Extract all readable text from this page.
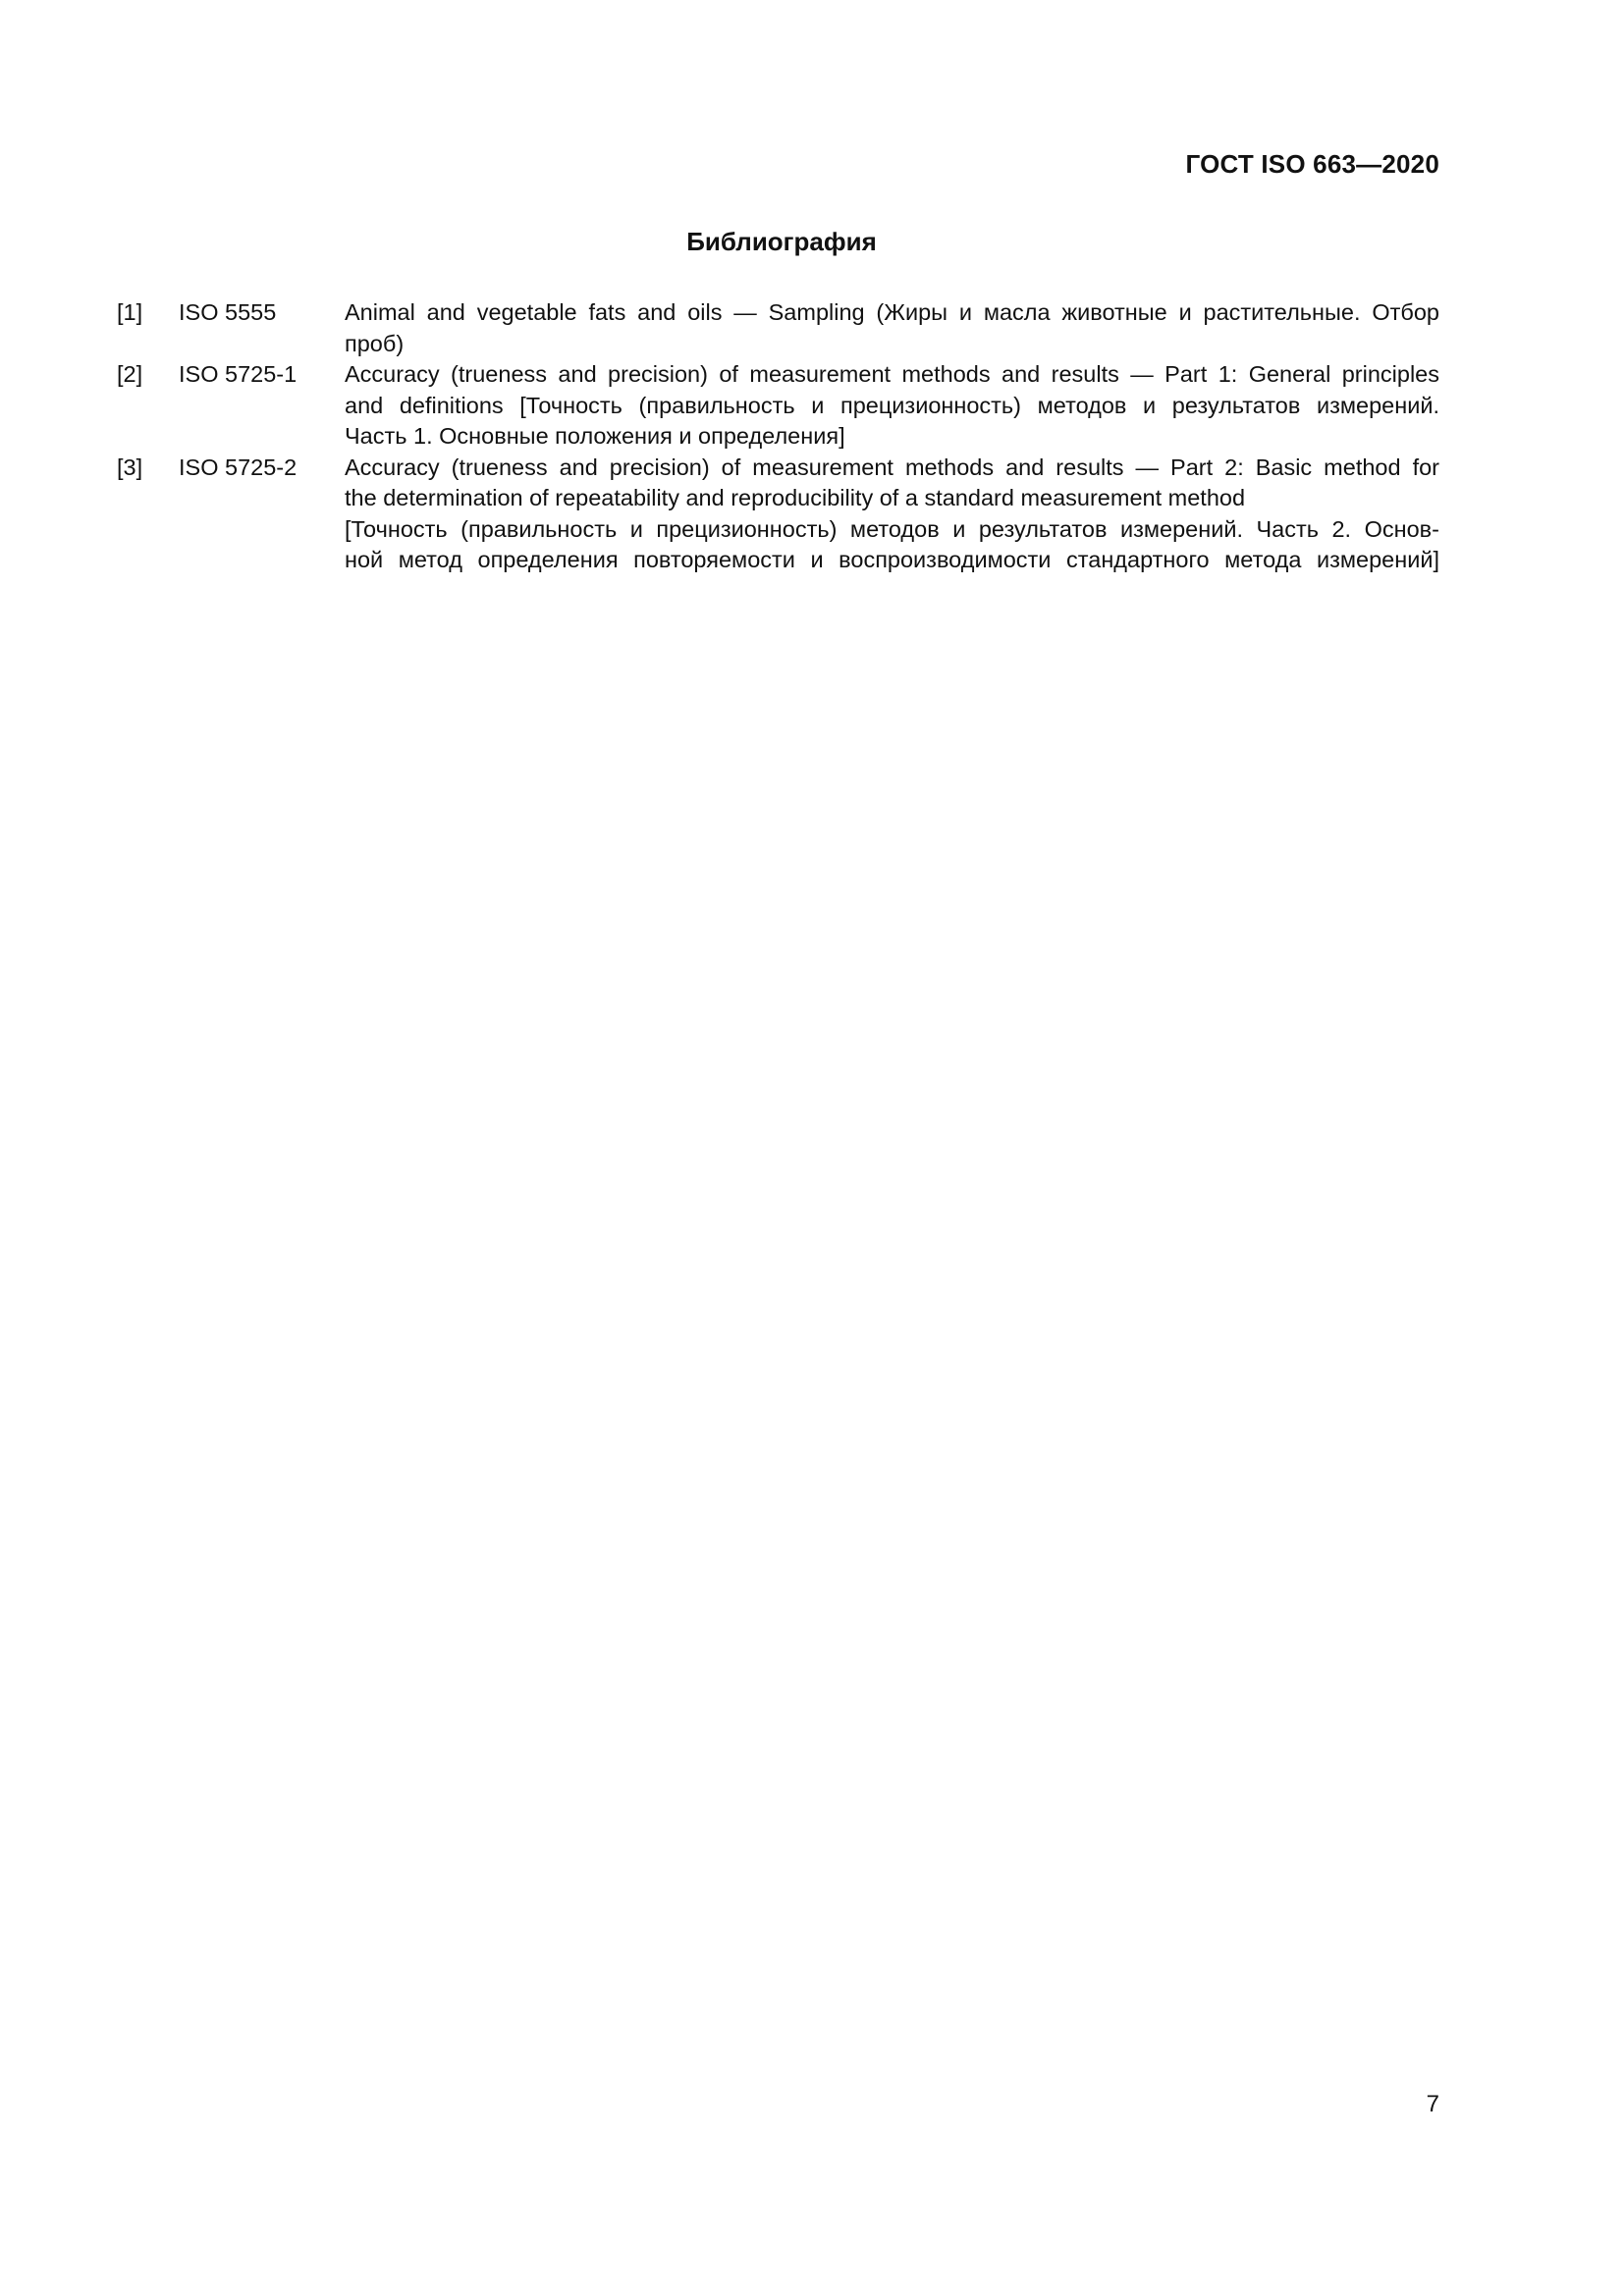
ГОСТ ISO 663—2020
Библиография
[1]	ISO 5555	Animal and vegetable fats and oils — Sampling (Жиры и масла животные и растительные. Отбор
проб)
[2]	ISO 5725-1	Accuracy (trueness and precision) of measurement methods and results — Part 1: General principles
and definitions [Точность (правильность и прецизионность) методов и результатов измерений.
Часть 1. Основные положения и определения]
[3]	ISO 5725-2	Accuracy (trueness and precision) of measurement methods and results — Part 2: Basic method for
the determination of repeatability and reproducibility of a standard measurement method
[Точность (правильность и прецизионность) методов и результатов измерений. Часть 2. Основ-
ной метод определения повторяемости и воспроизводимости стандартного метода измерений]
7
